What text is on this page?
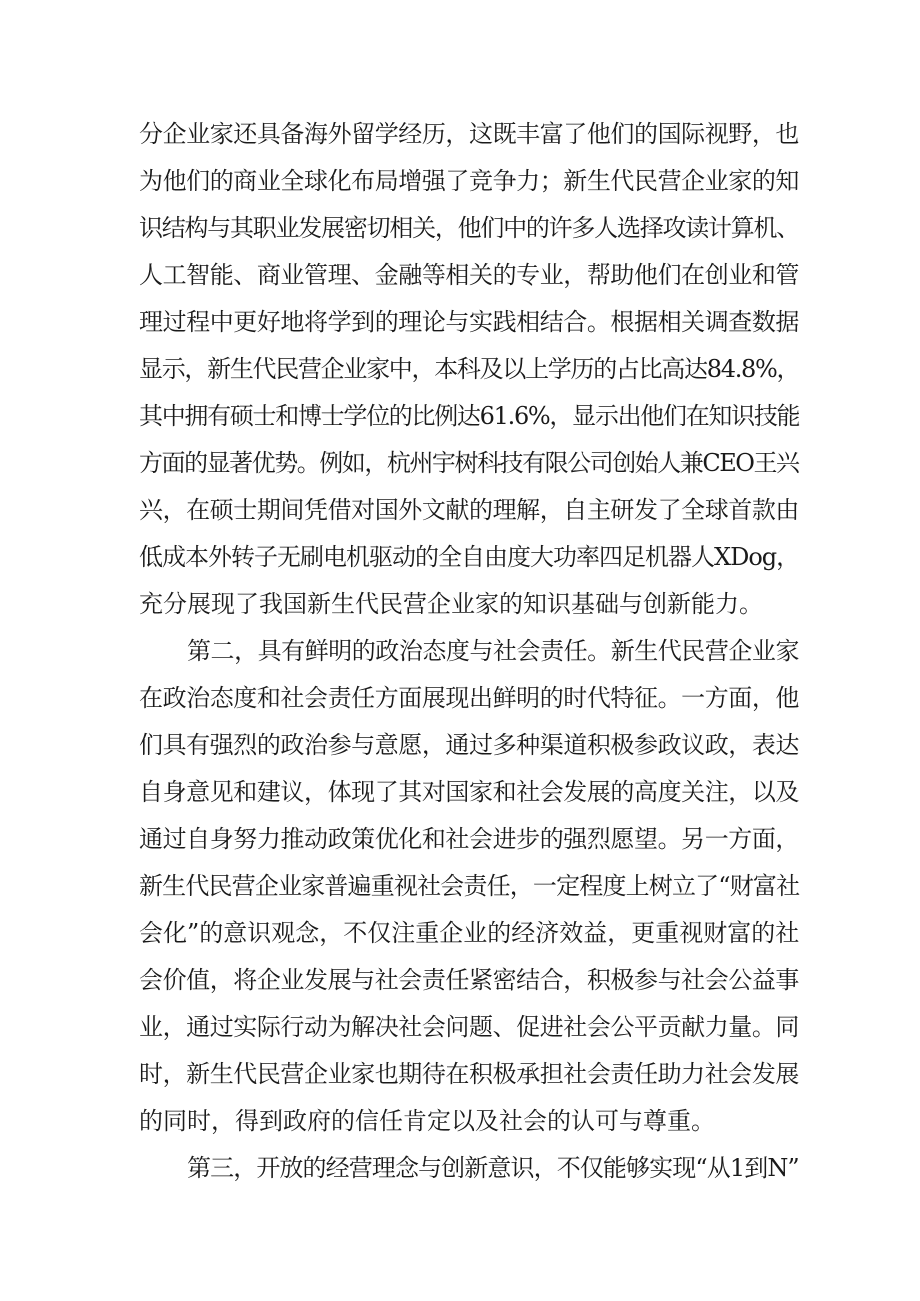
分企业家还具备海外留学经历，这既丰富了他们的国际视野，也
为他们的商业全球化布局增强了竞争力；新生代民营企业家的知
识结构与其职业发展密切相关，他们中的许多人选择攻读计算机、
人工智能、商业管理、金融等相关的专业，帮助他们在创业和管
理过程中更好地将学到的理论与实践相结合。根据相关调查数据
显示，新生代民营企业家中，本科及以上学历的占比高达84.8%，
其中拥有硕士和博士学位的比例达61.6%，显示出他们在知识技能
方面的显著优势。例如，杭州宇树科技有限公司创始人兼CEO王兴
兴，在硕士期间凭借对国外文献的理解，自主研发了全球首款由
低成本外转子无刷电机驱动的全自由度大功率四足机器人XDog，
充分展现了我国新生代民营企业家的知识基础与创新能力。
第二，具有鲜明的政治态度与社会责任。新生代民营企业家
在政治态度和社会责任方面展现出鲜明的时代特征。一方面，他
们具有强烈的政治参与意愿，通过多种渠道积极参政议政，表达
自身意见和建议，体现了其对国家和社会发展的高度关注，以及
通过自身努力推动政策优化和社会进步的强烈愿望。另一方面，
新生代民营企业家普遍重视社会责任，一定程度上树立了“财富社
会化”的意识观念，不仅注重企业的经济效益，更重视财富的社
会价值，将企业发展与社会责任紧密结合，积极参与社会公益事
业，通过实际行动为解决社会问题、促进社会公平贡献力量。同
时，新生代民营企业家也期待在积极承担社会责任助力社会发展
的同时，得到政府的信任肯定以及社会的认可与尊重。
第三，开放的经营理念与创新意识，不仅能够实现“从1到N”
